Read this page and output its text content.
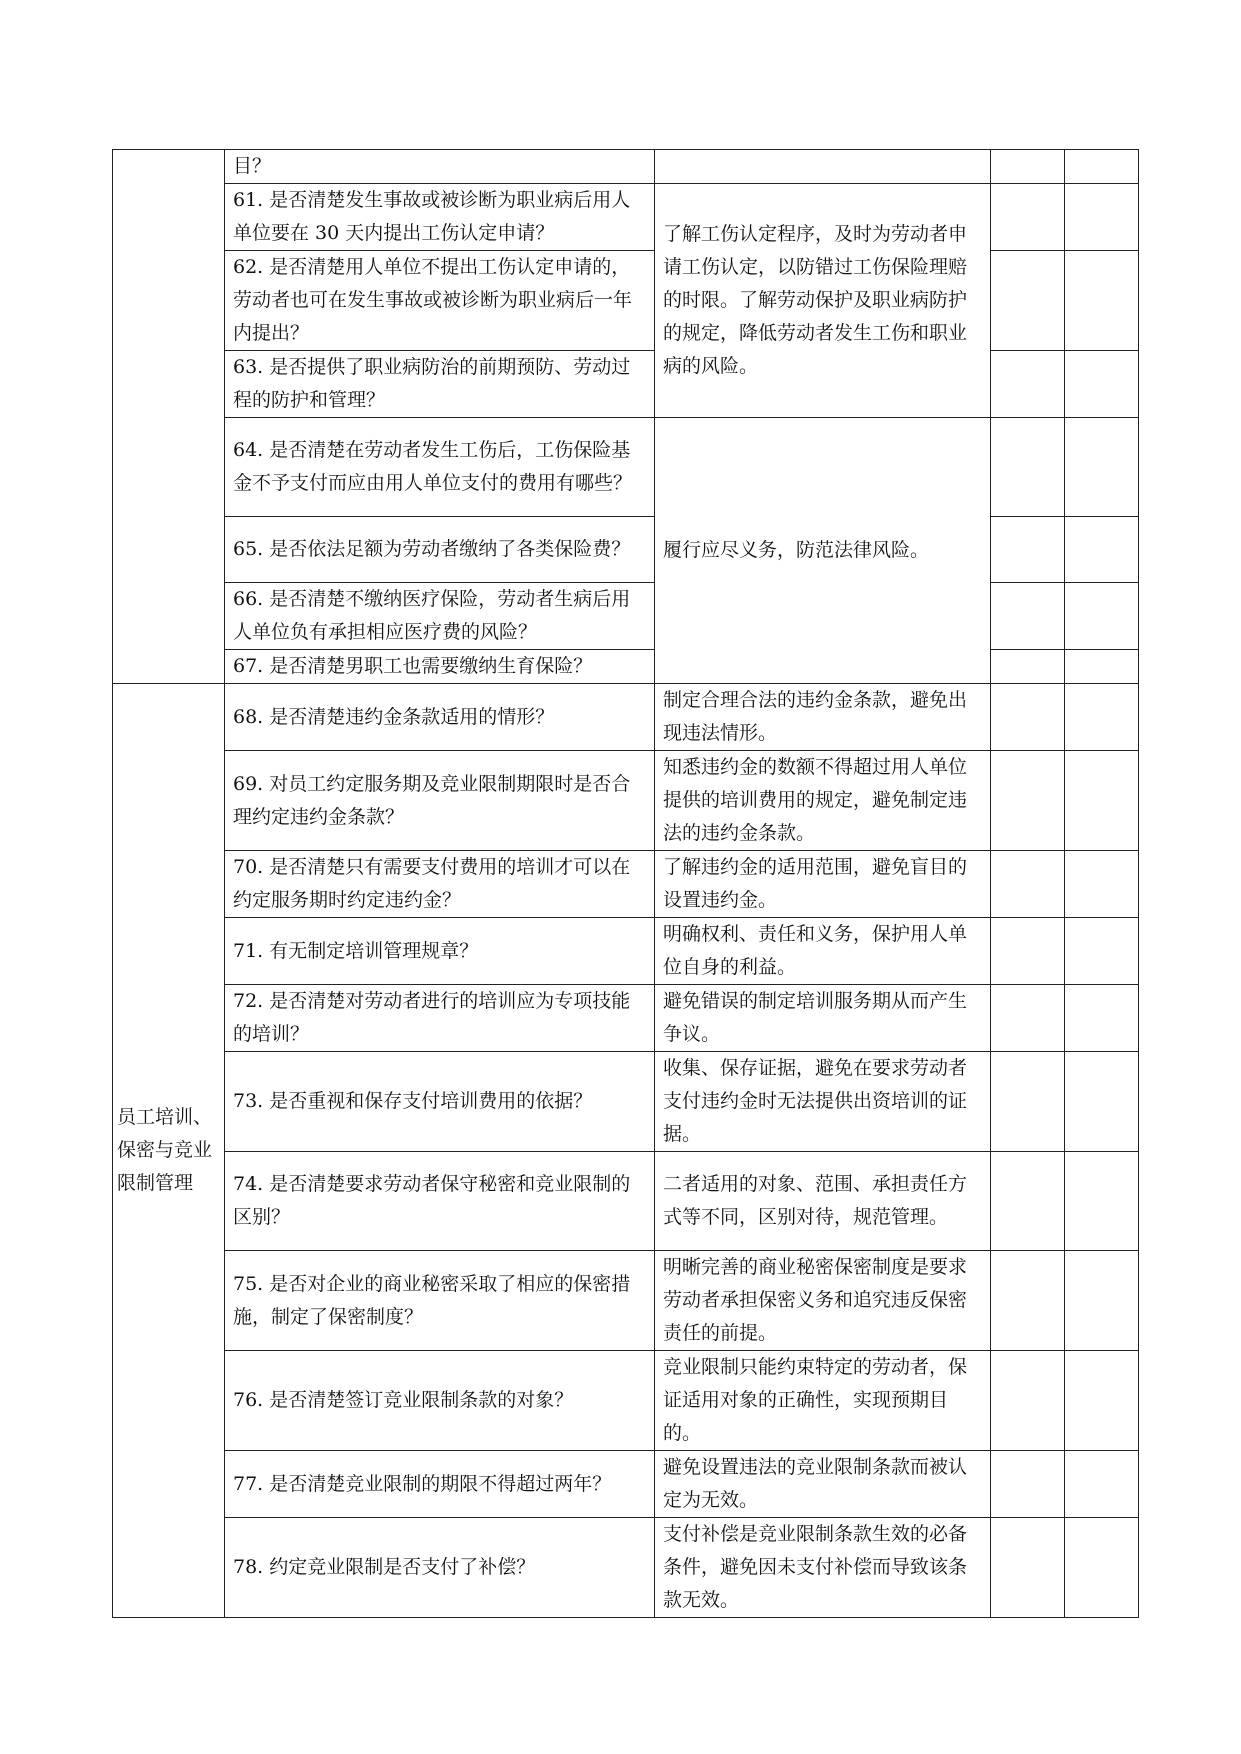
	目？			
	61. 是否清楚发生事故或被诊断为职业病后用人单位要在 30 天内提出工伤认定申请？	了解工伤认定程序，及时为劳动者申请工伤认定，以防错过工伤保险理赔的时限。了解劳动保护及职业病防护的规定，降低劳动者发生工伤和职业病的风险。		
	62. 是否清楚用人单位不提出工伤认定申请的，劳动者也可在发生事故或被诊断为职业病后一年内提出？			
	63. 是否提供了职业病防治的前期预防、劳动过程的防护和管理？			
	64. 是否清楚在劳动者发生工伤后，工伤保险基金不予支付而应由用人单位支付的费用有哪些？	履行应尽义务，防范法律风险。		
	65. 是否依法足额为劳动者缴纳了各类保险费？			
	66. 是否清楚不缴纳医疗保险，劳动者生病后用人单位负有承担相应医疗费的风险？			
	67. 是否清楚男职工也需要缴纳生育保险？			
员工培训、保密与竞业限制管理	68. 是否清楚违约金条款适用的情形？	制定合理合法的违约金条款，避免出现违法情形。		
	69. 对员工约定服务期及竞业限制期限时是否合理约定违约金条款？	知悉违约金的数额不得超过用人单位提供的培训费用的规定，避免制定违法的违约金条款。		
	70. 是否清楚只有需要支付费用的培训才可以在约定服务期时约定违约金？	了解违约金的适用范围，避免盲目的设置违约金。		
	71. 有无制定培训管理规章？	明确权利、责任和义务，保护用人单位自身的利益。		
	72. 是否清楚对劳动者进行的培训应为专项技能的培训？	避免错误的制定培训服务期从而产生争议。		
	73. 是否重视和保存支付培训费用的依据？	收集、保存证据，避免在要求劳动者支付违约金时无法提供出资培训的证据。		
	74. 是否清楚要求劳动者保守秘密和竞业限制的区别？	二者适用的对象、范围、承担责任方式等不同，区别对待，规范管理。		
	75. 是否对企业的商业秘密采取了相应的保密措施，制定了保密制度？	明晰完善的商业秘密保密制度是要求劳动者承担保密义务和追究违反保密责任的前提。		
	76. 是否清楚签订竞业限制条款的对象？	竞业限制只能约束特定的劳动者，保证适用对象的正确性，实现预期目的。		
	77. 是否清楚竞业限制的期限不得超过两年？	避免设置违法的竞业限制条款而被认定为无效。		
	78. 约定竞业限制是否支付了补偿？	支付补偿是竞业限制条款生效的必备条件，避免因未支付补偿而导致该条款无效。		
